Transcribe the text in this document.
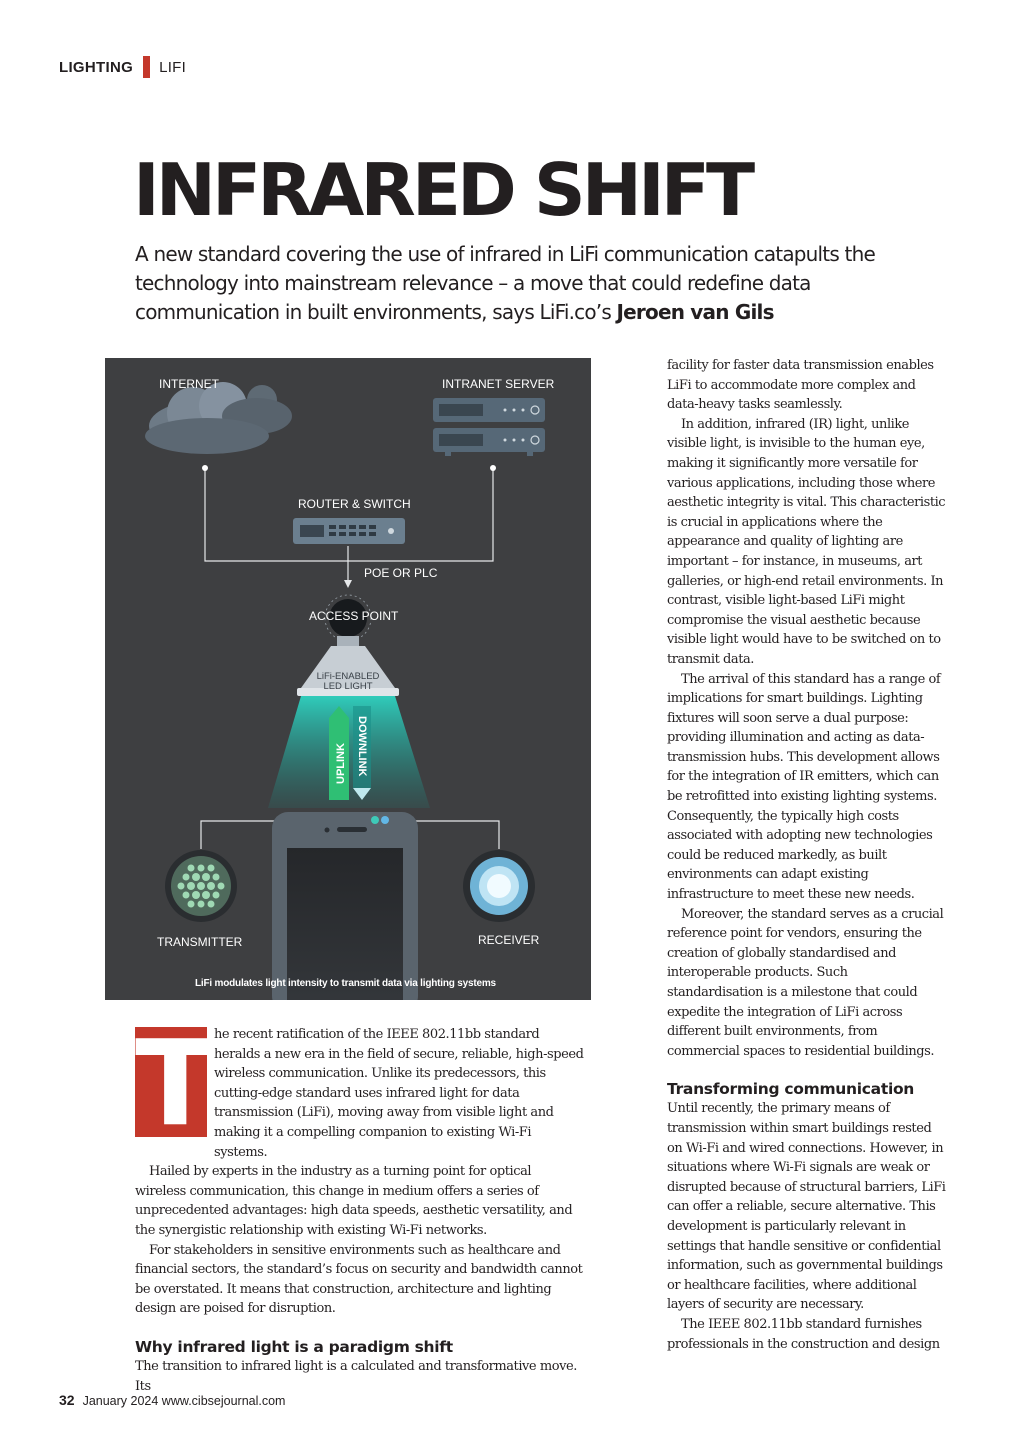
LIGHTING LIFI
INFRARED SHIFT

A new standard covering the use of infrared in LiFi communication catapults the technology into mainstream relevance – a move that could redefine data communication in built environments, says LiFi.co’s Jeroen van Gils

INTERNET	INTRANET SERVER
ROUTER & SWITCH
POE OR PLC
ACCESS POINT
LiFi-ENABLED
LED LIGHT
UPLINK DOWNLINK
TRANSMITTER	RECEIVER
LiFi modulates light intensity to transmit data via lighting systems
T

he recent ratification of the IEEE 802.11bb standard heralds a new era in the field of secure, reliable, high-speed wireless communication. Unlike its predecessors, this cutting-edge standard uses infrared light for data transmission (LiFi), moving away from visible light and making it a compelling companion to existing Wi-Fi systems.

Hailed by experts in the industry as a turning point for optical wireless communication, this change in medium offers a series of unprecedented advantages: high data speeds, aesthetic versatility, and the synergistic relationship with existing Wi-Fi networks.

For stakeholders in sensitive environments such as healthcare and financial sectors, the standard’s focus on security and bandwidth cannot be overstated. It means that construction, architecture and lighting design are poised for disruption.

Why infrared light is a paradigm shift

The transition to infrared light is a calculated and transformative move. Its

facility for faster data transmission enables LiFi to accommodate more complex and data-heavy tasks seamlessly.

In addition, infrared (IR) light, unlike visible light, is invisible to the human eye, making it significantly more versatile for various applications, including those where aesthetic integrity is vital. This characteristic is crucial in applications where the appearance and quality of lighting are important – for instance, in museums, art galleries, or high-end retail environments. In contrast, visible light-based LiFi might compromise the visual aesthetic because visible light would have to be switched on to transmit data.

The arrival of this standard has a range of implications for smart buildings. Lighting fixtures will soon serve a dual purpose: providing illumination and acting as data-transmission hubs. This development allows for the integration of IR emitters, which can be retrofitted into existing lighting systems. Consequently, the typically high costs associated with adopting new technologies could be reduced markedly, as built environments can adapt existing infrastructure to meet these new needs.

Moreover, the standard serves as a crucial reference point for vendors, ensuring the creation of globally standardised and interoperable products. Such standardisation is a milestone that could expedite the integration of LiFi across different built environments, from commercial spaces to residential buildings.

Transforming communication

Until recently, the primary means of transmission within smart buildings rested on Wi-Fi and wired connections. However, in situations where Wi-Fi signals are weak or disrupted because of structural barriers, LiFi can offer a reliable, secure alternative. This development is particularly relevant in settings that handle sensitive or confidential information, such as governmental buildings or healthcare facilities, where additional layers of security are necessary.

The IEEE 802.11bb standard furnishes professionals in the construction and design

32 January 2024 www.cibsejournal.com
